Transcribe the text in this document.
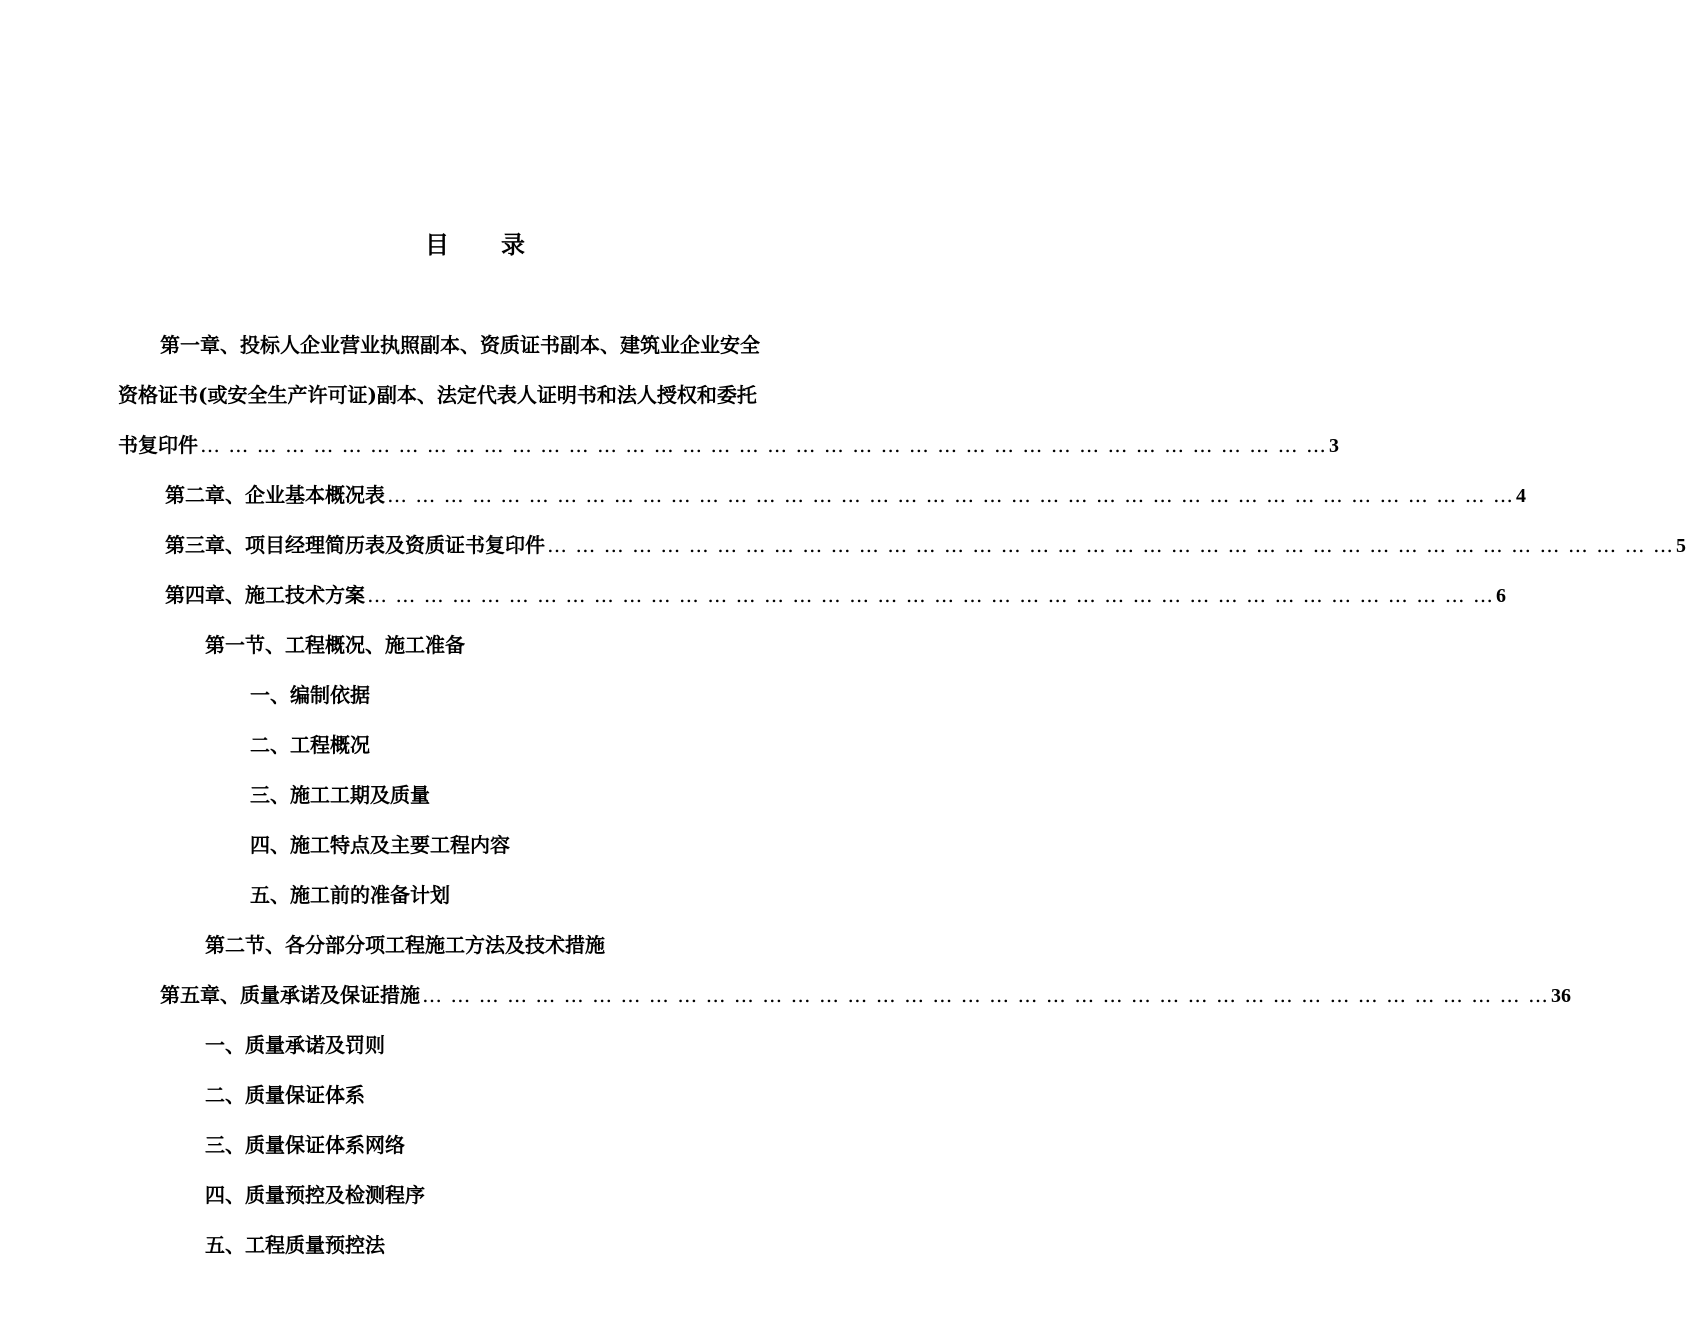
目 录
第一章、投标人企业营业执照副本、资质证书副本、建筑业企业安全
资格证书(或安全生产许可证)副本、法定代表人证明书和法人授权和委托
书复印件 … … … … … … … … … … … … … … … … … … … … … … … … … … … … … … … … … … … … … … … … 3
第二章、企业基本概况表 … … … … … … … … … … … … … … … … … … … … … … … … … … … … … … … … … … … … … … … … 4
第三章、项目经理简历表及资质证书复印件 … … … … … … … … … … … … … … … … … … … … … … … … … … … … … … … … … … … … … … … … 5
第四章、施工技术方案 … … … … … … … … … … … … … … … … … … … … … … … … … … … … … … … … … … … … … … … … 6
第一节、工程概况、施工准备
一、编制依据
二、工程概况
三、施工工期及质量
四、施工特点及主要工程内容
五、施工前的准备计划
第二节、各分部分项工程施工方法及技术措施
第五章、质量承诺及保证措施 … … … … … … … … … … … … … … … … … … … … … … … … … … … … … … … … … … … … … … … … 36
一、质量承诺及罚则
二、质量保证体系
三、质量保证体系网络
四、质量预控及检测程序
五、工程质量预控法
